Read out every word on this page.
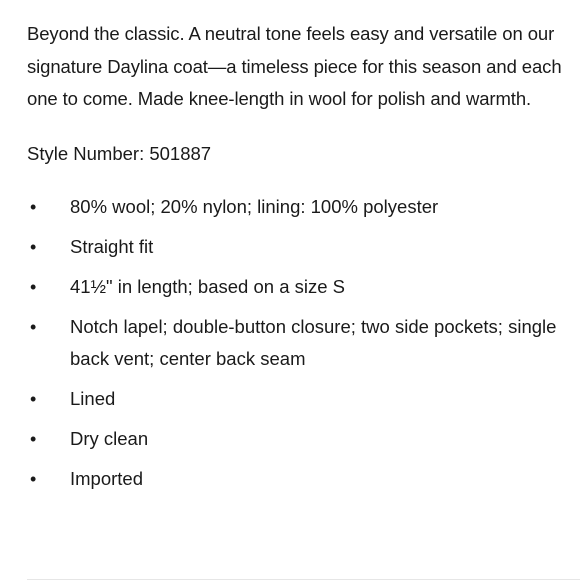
Beyond the classic. A neutral tone feels easy and versatile on our signature Daylina coat—a timeless piece for this season and each one to come. Made knee-length in wool for polish and warmth.

Style Number: 501887

• 80% wool; 20% nylon; lining: 100% polyester
• Straight fit
• 41½" in length; based on a size S
• Notch lapel; double-button closure; two side pockets; single back vent; center back seam
• Lined
• Dry clean
• Imported
